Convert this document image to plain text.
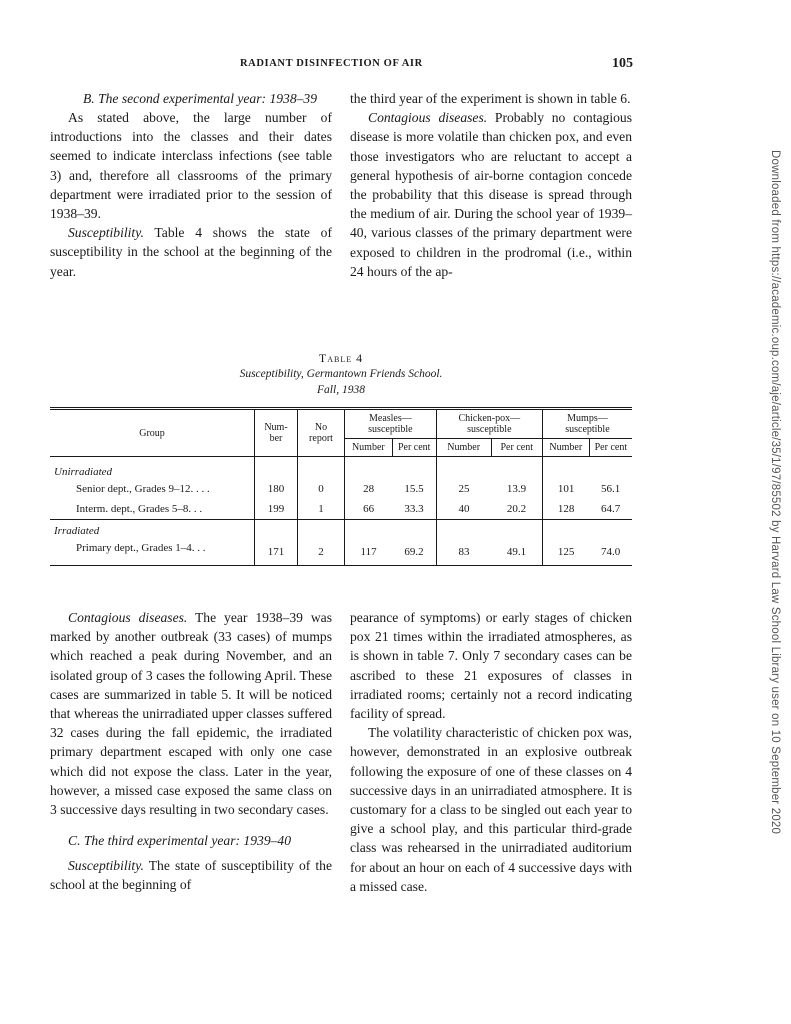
RADIANT DISINFECTION OF AIR	105

B. The second experimental year: 1938–39

As stated above, the large number of introductions into the classes and their dates seemed to indicate interclass infections (see table 3) and, therefore all classrooms of the primary department were irradiated prior to the session of 1938–39.

Susceptibility. Table 4 shows the state of susceptibility in the school at the beginning of the year.

the third year of the experiment is shown in table 6.

Contagious diseases. Probably no contagious disease is more volatile than chicken pox, and even those investigators who are reluctant to accept a general hypothesis of air-borne contagion concede the probability that this disease is spread through the medium of air. During the school year of 1939–40, various classes of the primary department were exposed to children in the prodromal (i.e., within 24 hours of the ap-

Table 4
Susceptibility, Germantown Friends School.
Fall, 1938
Group	Num- ber	No report	Measles— susceptible		Chicken-pox— susceptible		Mumps— susceptible	
			Number	Per cent	Number	Per cent	Number	Per cent
Unirradiated								
Senior dept., Grades 9–12. . . .	180	0	28	15.5	25	13.9	101	56.1
Interm. dept., Grades 5–8. . .	199	1	66	33.3	40	20.2	128	64.7
Irradiated								
Primary dept., Grades 1–4. . .	171	2	117	69.2	83	49.1	125	74.0

Contagious diseases. The year 1938–39 was marked by another outbreak (33 cases) of mumps which reached a peak during November, and an isolated group of 3 cases the following April. These cases are summarized in table 5. It will be noticed that whereas the unirradiated upper classes suffered 32 cases during the fall epidemic, the irradiated primary department escaped with only one case which did not expose the class. Later in the year, however, a missed case exposed the same class on 3 successive days resulting in two secondary cases.

C. The third experimental year: 1939–40

Susceptibility. The state of susceptibility of the school at the beginning of

pearance of symptoms) or early stages of chicken pox 21 times within the irradiated atmospheres, as is shown in table 7. Only 7 secondary cases can be ascribed to these 21 exposures of classes in irradiated rooms; certainly not a record indicating facility of spread.

The volatility characteristic of chicken pox was, however, demonstrated in an explosive outbreak following the exposure of one of these classes on 4 successive days in an unirradiated atmosphere. It is customary for a class to be singled out each year to give a school play, and this particular third-grade class was rehearsed in the unirradiated auditorium for about an hour on each of 4 successive days with a missed case.

Downloaded from https://academic.oup.com/aje/article/35/1/97/85502 by Harvard Law School Library user on 10 September 2020
